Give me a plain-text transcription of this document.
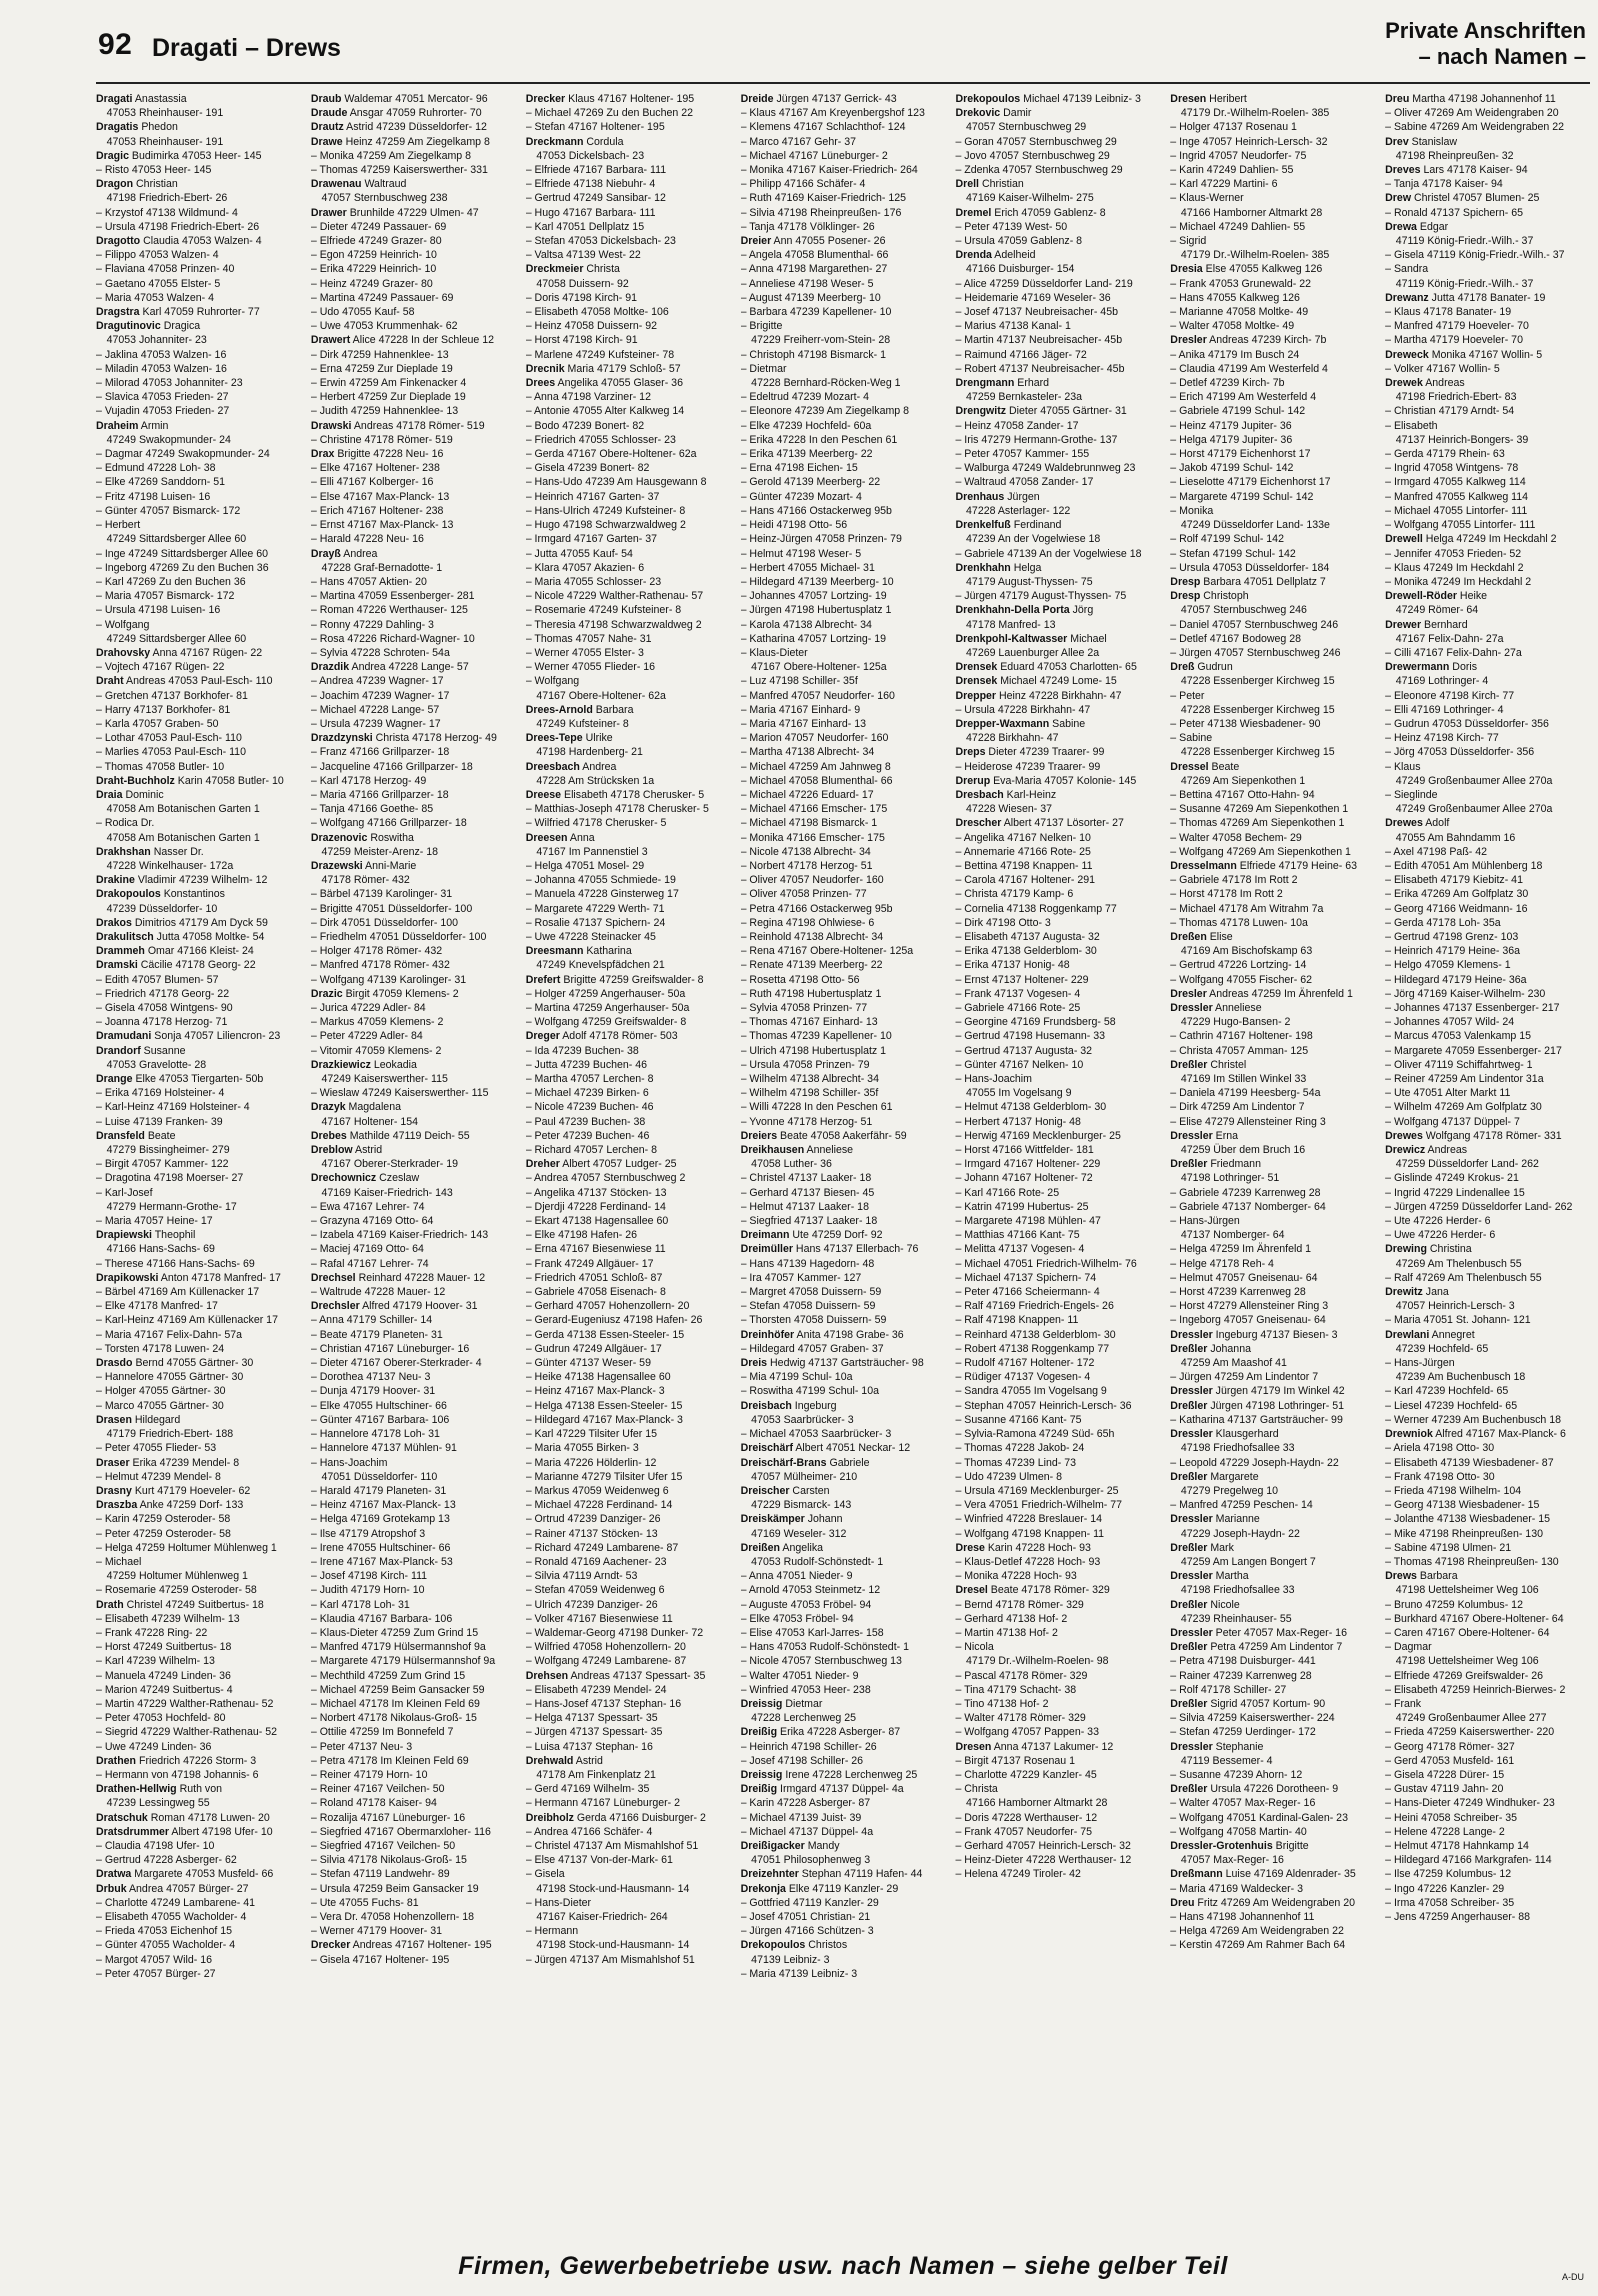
92 Dragati – Drews
Private Anschriften
– nach Namen –
Dragati Anastassia
 47053 Rheinhauser- 191
Dragatis Phedon
 47053 Rheinhauser- 191
Dragic Budimirka 47053 Heer- 145
– Risto 47053 Heer- 145
Dragon Christian
 47198 Friedrich-Ebert- 26
– Krzystof 47138 Wildmund- 4
– Ursula 47198 Friedrich-Ebert- 26
Dragotto Claudia 47053 Walzen- 4
– Filippo 47053 Walzen- 4
– Flaviana 47058 Prinzen- 40
– Gaetano 47055 Elster- 5
– Maria 47053 Walzen- 4
Dragstra Karl 47059 Ruhrorter- 77
Dragutinovic Dragica
 47053 Johanniter- 23
– Jaklina 47053 Walzen- 16
– Miladin 47053 Walzen- 16
– Milorad 47053 Johanniter- 23
– Slavica 47053 Frieden- 27
– Vujadin 47053 Frieden- 27
Draheim Armin
 47249 Swakopmunder- 24
– Dagmar 47249 Swakopmunder- 24
– Edmund 47228 Loh- 38
– Elke 47269 Sanddorn- 51
– Fritz 47198 Luisen- 16
– Günter 47057 Bismarck- 172
– Herbert
 47249 Sittardsberger Allee 60
– Inge 47249 Sittardsberger Allee 60
– Ingeborg 47269 Zu den Buchen 36
– Karl 47269 Zu den Buchen 36
– Maria 47057 Bismarck- 172
– Ursula 47198 Luisen- 16
– Wolfgang
 47249 Sittardsberger Allee 60
Drahovsky Anna 47167 Rügen- 22
– Vojtech 47167 Rügen- 22
Draht Andreas 47053 Paul-Esch- 110
– Gretchen 47137 Borkhofer- 81
– Harry 47137 Borkhofer- 81
– Karla 47057 Graben- 50
– Lothar 47053 Paul-Esch- 110
– Marlies 47053 Paul-Esch- 110
– Thomas 47058 Butler- 10
Draht-Buchholz Karin 47058 Butler- 10
Draia Dominic
 47058 Am Botanischen Garten 1
– Rodica Dr.
 47058 Am Botanischen Garten 1
Drakhshan Nasser Dr.
 47228 Winkelhauser- 172a
Drakine Vladimir 47239 Wilhelm- 12
Drakopoulos Konstantinos
 47239 Düsseldorfer- 10
Drakos Dimitrios 47179 Am Dyck 59
Drakulitsch Jutta 47058 Moltke- 54
Drammeh Omar 47166 Kleist- 24
Dramski Cäcilie 47178 Georg- 22
– Edith 47057 Blumen- 57
– Friedrich 47178 Georg- 22
– Gisela 47058 Wintgens- 90
– Joanna 47178 Herzog- 71
Dramudani Sonja 47057 Liliencron- 23
Drandorf Susanne
 47053 Gravelotte- 28
Drange Elke 47053 Tiergarten- 50b
– Erika 47169 Holsteiner- 4
– Karl-Heinz 47169 Holsteiner- 4
– Luise 47139 Franken- 39
Dransfeld Beate
 47279 Bissingheimer- 279
– Birgit 47057 Kammer- 122
– Dragotina 47198 Moerser- 27
– Karl-Josef
 47279 Hermann-Grothe- 17
– Maria 47057 Heine- 17
Drapiewski Theophil
 47166 Hans-Sachs- 69
– Therese 47166 Hans-Sachs- 69
Drapikowski Anton 47178 Manfred- 17
– Bärbel 47169 Am Küllenacker 17
– Elke 47178 Manfred- 17
– Karl-Heinz 47169 Am Küllenacker 17
– Maria 47167 Felix-Dahn- 57a
– Torsten 47178 Luwen- 24
Drasdo Bernd 47055 Gärtner- 30
– Hannelore 47055 Gärtner- 30
– Holger 47055 Gärtner- 30
– Marco 47055 Gärtner- 30
Drasen Hildegard
 47179 Friedrich-Ebert- 188
– Peter 47055 Flieder- 53
Draser Erika 47239 Mendel- 8
– Helmut 47239 Mendel- 8
Drasny Kurt 47179 Hoeveler- 62
Draszba Anke 47259 Dorf- 133
– Karin 47259 Osteroder- 58
– Peter 47259 Osteroder- 58
– Helga 47259 Holtumer Mühlenweg 1
– Michael
 47259 Holtumer Mühlenweg 1
– Rosemarie 47259 Osteroder- 58
Drath Christel 47249 Suitbertus- 18
– Elisabeth 47239 Wilhelm- 13
– Frank 47228 Ring- 22
– Horst 47249 Suitbertus- 18
– Karl 47239 Wilhelm- 13
– Manuela 47249 Linden- 36
– Marion 47249 Suitbertus- 4
– Martin 47229 Walther-Rathenau- 52
– Peter 47053 Hochfeld- 80
– Siegrid 47229 Walther-Rathenau- 52
– Uwe 47249 Linden- 36
Drathen Friedrich 47226 Storm- 3
– Hermann von 47198 Johannis- 6
Drathen-Hellwig Ruth von
 47239 Lessingweg 55
Dratschuk Roman 47178 Luwen- 20
Dratsdrummer Albert 47198 Ufer- 10
– Claudia 47198 Ufer- 10
– Gertrud 47228 Asberger- 62
Dratwa Margarete 47053 Musfeld- 66
Drbuk Andrea 47057 Bürger- 27
– Charlotte 47249 Lambarene- 41
– Elisabeth 47055 Wacholder- 4
– Frieda 47053 Eichenhof 15
– Günter 47055 Wacholder- 4
– Margot 47057 Wild- 16
– Peter 47057 Bürger- 27
Draub Waldemar 47051 Mercator- 96
Draude Ansgar 47059 Ruhrorter- 70
Drautz Astrid 47239 Düsseldorfer- 12
Drawe Heinz 47259 Am Ziegelkamp 8
– Monika 47259 Am Ziegelkamp 8
– Thomas 47259 Kaiserswerther- 331
Drawenau Waltraud
 47057 Sternbuschweg 238
Drawer Brunhilde 47229 Ulmen- 47
– Dieter 47249 Passauer- 69
– Elfriede 47249 Grazer- 80
– Egon 47259 Heinrich- 10
– Erika 47229 Heinrich- 10
– Heinz 47249 Grazer- 80
– Martina 47249 Passauer- 69
– Udo 47055 Kauf- 58
– Uwe 47053 Krummenhak- 62
Drawert Alice 47228 In der Schleue 12
– Dirk 47259 Hahnenklee- 13
– Erna 47259 Zur Dieplade 19
– Erwin 47259 Am Finkenacker 4
– Herbert 47259 Zur Dieplade 19
– Judith 47259 Hahnenklee- 13
Drawski Andreas 47178 Römer- 519
– Christine 47178 Römer- 519
Drax Brigitte 47228 Neu- 16
– Elke 47167 Holtener- 238
– Elli 47167 Kolberger- 16
– Else 47167 Max-Planck- 13
– Erich 47167 Holtener- 238
– Ernst 47167 Max-Planck- 13
– Harald 47228 Neu- 16
Drayß Andrea
 47228 Graf-Bernadotte- 1
– Hans 47057 Aktien- 20
– Martina 47059 Essenberger- 281
– Roman 47226 Werthauser- 125
– Ronny 47229 Dahling- 3
– Rosa 47226 Richard-Wagner- 10
– Sylvia 47228 Schroten- 54a
Drazdik Andrea 47228 Lange- 57
– Andrea 47239 Wagner- 17
– Joachim 47239 Wagner- 17
– Michael 47228 Lange- 57
– Ursula 47239 Wagner- 17
Drazdzynski Christa 47178 Herzog- 49
– Franz 47166 Grillparzer- 18
– Jacqueline 47166 Grillparzer- 18
– Karl 47178 Herzog- 49
– Maria 47166 Grillparzer- 18
– Tanja 47166 Goethe- 85
– Wolfgang 47166 Grillparzer- 18
Drazenovic Roswitha
 47259 Meister-Arenz- 18
Drazewski Anni-Marie
 47178 Römer- 432
– Bärbel 47139 Karolinger- 31
– Brigitte 47051 Düsseldorfer- 100
– Dirk 47051 Düsseldorfer- 100
– Friedhelm 47051 Düsseldorfer- 100
– Holger 47178 Römer- 432
– Manfred 47178 Römer- 432
– Wolfgang 47139 Karolinger- 31
Drazic Birgit 47059 Klemens- 2
– Jurica 47229 Adler- 84
– Markus 47059 Klemens- 2
– Peter 47229 Adler- 84
– Vitomir 47059 Klemens- 2
Drazkiewicz Leokadia
 47249 Kaiserswerther- 115
– Wieslaw 47249 Kaiserswerther- 115
Drazyk Magdalena
 47167 Holtener- 154
Drebes Mathilde 47119 Deich- 55
Dreblow Astrid
 47167 Oberer-Sterkrader- 19
Drechownicz Czeslaw
 47169 Kaiser-Friedrich- 143
– Ewa 47167 Lehrer- 74
– Grazyna 47169 Otto- 64
– Izabela 47169 Kaiser-Friedrich- 143
– Maciej 47169 Otto- 64
– Rafal 47167 Lehrer- 74
Drechsel Reinhard 47228 Mauer- 12
– Waltrude 47228 Mauer- 12
Drechsler Alfred 47179 Hoover- 31
– Anna 47179 Schiller- 14
– Beate 47179 Planeten- 31
– Christian 47167 Lüneburger- 16
– Dieter 47167 Oberer-Sterkrader- 4
– Dorothea 47137 Neu- 3
– Dunja 47179 Hoover- 31
– Elke 47055 Hultschiner- 66
– Günter 47167 Barbara- 106
– Hannelore 47178 Loh- 31
– Hannelore 47137 Mühlen- 91
– Hans-Joachim
 47051 Düsseldorfer- 110
– Harald 47179 Planeten- 31
– Heinz 47167 Max-Planck- 13
– Helga 47169 Grotekamp 13
– Ilse 47179 Atropshof 3
– Irene 47055 Hultschiner- 66
– Irene 47167 Max-Planck- 53
– Josef 47198 Kirch- 111
– Judith 47179 Horn- 10
– Karl 47178 Loh- 31
– Klaudia 47167 Barbara- 106
– Klaus-Dieter 47259 Zum Grind 15
– Manfred 47179 Hülsermannshof 9a
– Margarete 47179 Hülsermannshof 9a
– Mechthild 47259 Zum Grind 15
– Michael 47259 Beim Gansacker 59
– Michael 47178 Im Kleinen Feld 69
– Norbert 47178 Nikolaus-Groß- 15
– Ottilie 47259 Im Bonnefeld 7
– Peter 47137 Neu- 3
– Petra 47178 Im Kleinen Feld 69
– Reiner 47179 Horn- 10
– Reiner 47167 Veilchen- 50
– Roland 47178 Kaiser- 94
– Rozalija 47167 Lüneburger- 16
– Siegfried 47167 Obermarxloher- 116
– Siegfried 47167 Veilchen- 50
– Silvia 47178 Nikolaus-Groß- 15
– Stefan 47119 Landwehr- 89
– Ursula 47259 Beim Gansacker 19
– Ute 47055 Fuchs- 81
– Vera Dr. 47058 Hohenzollern- 18
– Werner 47179 Hoover- 31
Drecker Andreas 47167 Holtener- 195
– Gisela 47167 Holtener- 195
Drecker Klaus 47167 Holtener- 195
– Michael 47269 Zu den Buchen 22
– Stefan 47167 Holtener- 195
Dreckmann Cordula
 47053 Dickelsbach- 23
– Elfriede 47167 Barbara- 111
– Elfriede 47138 Niebuhr- 4
– Gertrud 47249 Sansibar- 12
– Hugo 47167 Barbara- 111
– Karl 47051 Dellplatz 15
– Stefan 47053 Dickelsbach- 23
– Valtsa 47139 West- 22
Dreckmeier Christa
 47058 Duissern- 92
– Doris 47198 Kirch- 91
– Elisabeth 47058 Moltke- 106
– Heinz 47058 Duissern- 92
– Horst 47198 Kirch- 91
– Marlene 47249 Kufsteiner- 78
Drecnik Maria 47179 Schloß- 57
Drees Angelika 47055 Glaser- 36
– Anna 47198 Varziner- 12
– Antonie 47055 Alter Kalkweg 14
– Bodo 47239 Bonert- 82
– Friedrich 47055 Schlosser- 23
– Gerda 47167 Obere-Holtener- 62a
– Gisela 47239 Bonert- 82
– Hans-Udo 47239 Am Hausgewann 8
– Heinrich 47167 Garten- 37
– Hans-Ulrich 47249 Kufsteiner- 8
– Hugo 47198 Schwarzwaldweg 2
– Irmgard 47167 Garten- 37
– Jutta 47055 Kauf- 54
– Klara 47057 Akazien- 6
– Maria 47055 Schlosser- 23
– Nicole 47229 Walther-Rathenau- 57
– Rosemarie 47249 Kufsteiner- 8
– Theresia 47198 Schwarzwaldweg 2
– Thomas 47057 Nahe- 31
– Werner 47055 Elster- 3
– Werner 47055 Flieder- 16
– Wolfgang
 47167 Obere-Holtener- 62a
Drees-Arnold Barbara
 47249 Kufsteiner- 8
Drees-Tepe Ulrike
 47198 Hardenberg- 21
Dreesbach Andrea
 47228 Am Strücksken 1a
Dreese Elisabeth 47178 Cherusker- 5
– Matthias-Joseph 47178 Cherusker- 5
– Wilfried 47178 Cherusker- 5
Dreesen Anna
 47167 Im Pannenstiel 3
– Helga 47051 Mosel- 29
– Johanna 47055 Schmiede- 19
– Manuela 47228 Ginsterweg 17
– Margarete 47229 Werth- 71
– Rosalie 47137 Spichern- 24
– Uwe 47228 Steinacker 45
Dreesmann Katharina
 47249 Knevelspfädchen 21
Drefert Brigitte 47259 Greifswalder- 8
– Holger 47259 Angerhauser- 50a
– Martina 47259 Angerhauser- 50a
– Wolfgang 47259 Greifswalder- 8
Dreger Adolf 47178 Römer- 503
– Ida 47239 Buchen- 38
– Jutta 47239 Buchen- 46
– Martha 47057 Lerchen- 8
– Michael 47239 Birken- 6
– Nicole 47239 Buchen- 46
– Paul 47239 Buchen- 38
– Peter 47239 Buchen- 46
– Richard 47057 Lerchen- 8
Dreher Albert 47057 Ludger- 25
– Andrea 47057 Sternbuschweg 2
– Angelika 47137 Stöcken- 13
– Djerdji 47228 Ferdinand- 14
– Ekart 47138 Hagensallee 60
– Elke 47198 Hafen- 26
– Erna 47167 Biesenwiese 11
– Frank 47249 Allgäuer- 17
– Friedrich 47051 Schloß- 87
– Gabriele 47058 Eisenach- 8
– Gerhard 47057 Hohenzollern- 20
– Gerard-Eugeniusz 47198 Hafen- 26
– Gerda 47138 Essen-Steeler- 15
– Gudrun 47249 Allgäuer- 17
– Günter 47137 Weser- 59
– Heike 47138 Hagensallee 60
– Heinz 47167 Max-Planck- 3
– Helga 47138 Essen-Steeler- 15
– Hildegard 47167 Max-Planck- 3
– Karl 47229 Tilsiter Ufer 15
– Maria 47055 Birken- 3
– Maria 47226 Hölderlin- 12
– Marianne 47279 Tilsiter Ufer 15
– Markus 47059 Weidenweg 6
– Michael 47228 Ferdinand- 14
– Ortrud 47239 Danziger- 26
– Rainer 47137 Stöcken- 13
– Richard 47249 Lambarene- 87
– Ronald 47169 Aachener- 23
– Silvia 47119 Arndt- 53
– Stefan 47059 Weidenweg 6
– Ulrich 47239 Danziger- 26
– Volker 47167 Biesenwiese 11
– Waldemar-Georg 47198 Dunker- 72
– Wilfried 47058 Hohenzollern- 20
– Wolfgang 47249 Lambarene- 87
Drehsen Andreas 47137 Spessart- 35
– Elisabeth 47239 Mendel- 24
– Hans-Josef 47137 Stephan- 16
– Helga 47137 Spessart- 35
– Jürgen 47137 Spessart- 35
– Luisa 47137 Stephan- 16
Drehwald Astrid
 47178 Am Finkenplatz 21
– Gerd 47169 Wilhelm- 35
– Hermann 47167 Lüneburger- 2
Dreibholz Gerda 47166 Duisburger- 2
– Andrea 47166 Schäfer- 4
– Christel 47137 Am Mismahlshof 51
– Else 47137 Von-der-Mark- 61
– Gisela
 47198 Stock-und-Hausmann- 14
– Hans-Dieter
 47167 Kaiser-Friedrich- 264
– Hermann
 47198 Stock-und-Hausmann- 14
– Jürgen 47137 Am Mismahlshof 51
Dreide Jürgen 47137 Gerrick- 43
– Klaus 47167 Am Kreyenbergshof 123
– Klemens 47167 Schlachthof- 124
– Marco 47167 Gehr- 37
– Michael 47167 Lüneburger- 2
– Monika 47167 Kaiser-Friedrich- 264
– Philipp 47166 Schäfer- 4
– Ruth 47169 Kaiser-Friedrich- 125
– Silvia 47198 Rheinpreußen- 176
– Tanja 47178 Völklinger- 26
Dreier Ann 47055 Posener- 26
– Angela 47058 Blumenthal- 66
– Anna 47198 Margarethen- 27
– Anneliese 47198 Weser- 5
– August 47139 Meerberg- 10
– Barbara 47239 Kapellener- 10
– Brigitte
 47229 Freiherr-vom-Stein- 28
– Christoph 47198 Bismarck- 1
– Dietmar
 47228 Bernhard-Röcken-Weg 1
– Edeltrud 47239 Mozart- 4
– Eleonore 47239 Am Ziegelkamp 8
– Elke 47239 Hochfeld- 60a
– Erika 47228 In den Peschen 61
– Erika 47139 Meerberg- 22
– Erna 47198 Eichen- 15
– Gerold 47139 Meerberg- 22
– Günter 47239 Mozart- 4
– Hans 47166 Ostackerweg 95b
– Heidi 47198 Otto- 56
– Heinz-Jürgen 47058 Prinzen- 79
– Helmut 47198 Weser- 5
– Herbert 47055 Michael- 31
– Hildegard 47139 Meerberg- 10
– Johannes 47057 Lortzing- 19
– Jürgen 47198 Hubertusplatz 1
– Karola 47138 Albrecht- 34
– Katharina 47057 Lortzing- 19
– Klaus-Dieter
 47167 Obere-Holtener- 125a
– Luz 47198 Schiller- 35f
– Manfred 47057 Neudorfer- 160
– Maria 47167 Einhard- 9
– Maria 47167 Einhard- 13
– Marion 47057 Neudorfer- 160
– Martha 47138 Albrecht- 34
– Michael 47259 Am Jahnweg 8
– Michael 47058 Blumenthal- 66
– Michael 47226 Eduard- 17
– Michael 47166 Emscher- 175
– Michael 47198 Bismarck- 1
– Monika 47166 Emscher- 175
– Nicole 47138 Albrecht- 34
– Norbert 47178 Herzog- 51
– Oliver 47057 Neudorfer- 160
– Oliver 47058 Prinzen- 77
– Petra 47166 Ostackerweg 95b
– Regina 47198 Ohlwiese- 6
– Reinhold 47138 Albrecht- 34
– Rena 47167 Obere-Holtener- 125a
– Renate 47139 Meerberg- 22
– Rosetta 47198 Otto- 56
– Ruth 47198 Hubertusplatz 1
– Sylvia 47058 Prinzen- 77
– Thomas 47167 Einhard- 13
– Thomas 47239 Kapellener- 10
– Ulrich 47198 Hubertusplatz 1
– Ursula 47058 Prinzen- 79
– Wilhelm 47138 Albrecht- 34
– Wilhelm 47198 Schiller- 35f
– Willi 47228 In den Peschen 61
– Yvonne 47178 Herzog- 51
Dreiers Beate 47058 Aakerfähr- 59
Dreikhausen Anneliese
 47058 Luther- 36
– Christel 47137 Laaker- 18
– Gerhard 47137 Biesen- 45
– Helmut 47137 Laaker- 18
– Siegfried 47137 Laaker- 18
Dreimann Ute 47259 Dorf- 92
Dreimüller Hans 47137 Ellerbach- 76
– Hans 47139 Hagedorn- 48
– Ira 47057 Kammer- 127
– Margret 47058 Duissern- 59
– Stefan 47058 Duissern- 59
– Thorsten 47058 Duissern- 59
Dreinhöfer Anita 47198 Grabe- 36
– Hildegard 47057 Graben- 37
Dreis Hedwig 47137 Gartsträucher- 98
– Mia 47199 Schul- 10a
– Roswitha 47199 Schul- 10a
Dreisbach Ingeburg
 47053 Saarbrücker- 3
– Michael 47053 Saarbrücker- 3
Dreischärf Albert 47051 Neckar- 12
Dreischärf-Brans Gabriele
 47057 Mülheimer- 210
Dreischer Carsten
 47229 Bismarck- 143
Dreiskämper Johann
 47169 Weseler- 312
Dreißen Angelika
 47053 Rudolf-Schönstedt- 1
– Anna 47051 Nieder- 9
– Arnold 47053 Steinmetz- 12
– Auguste 47053 Fröbel- 94
– Elke 47053 Fröbel- 94
– Elise 47053 Karl-Jarres- 158
– Hans 47053 Rudolf-Schönstedt- 1
– Nicole 47057 Sternbuschweg 13
– Walter 47051 Nieder- 9
– Winfried 47053 Heer- 238
Dreissig Dietmar
 47228 Lerchenweg 25
Dreißig Erika 47228 Asberger- 87
– Heinrich 47198 Schiller- 26
– Josef 47198 Schiller- 26
Dreissig Irene 47228 Lerchenweg 25
Dreißig Irmgard 47137 Düppel- 4a
– Karin 47228 Asberger- 87
– Michael 47139 Juist- 39
– Michael 47137 Düppel- 4a
Dreißigacker Mandy
 47051 Philosophenweg 3
Dreizehnter Stephan 47119 Hafen- 44
Drekonja Elke 47119 Kanzler- 29
– Gottfried 47119 Kanzler- 29
– Josef 47051 Christian- 21
– Jürgen 47166 Schützen- 3
Drekopoulos Christos
 47139 Leibniz- 3
– Maria 47139 Leibniz- 3
Drekopoulos Michael 47139 Leibniz- 3
Drekovic Damir
 47057 Sternbuschweg 29
– Goran 47057 Sternbuschweg 29
– Jovo 47057 Sternbuschweg 29
– Zdenka 47057 Sternbuschweg 29
Drell Christian
 47169 Kaiser-Wilhelm- 275
Dremel Erich 47059 Gablenz- 8
– Peter 47139 West- 50
– Ursula 47059 Gablenz- 8
Drenda Adelheid
 47166 Duisburger- 154
– Alice 47259 Düsseldorfer Land- 219
– Heidemarie 47169 Weseler- 36
– Josef 47137 Neubreisacher- 45b
– Marius 47138 Kanal- 1
– Martin 47137 Neubreisacher- 45b
– Raimund 47166 Jäger- 72
– Robert 47137 Neubreisacher- 45b
Drengmann Erhard
 47259 Bernkasteler- 23a
Drengwitz Dieter 47055 Gärtner- 31
– Heinz 47058 Zander- 17
– Iris 47279 Hermann-Grothe- 137
– Peter 47057 Kammer- 155
– Walburga 47249 Waldebrunnweg 23
– Waltraud 47058 Zander- 17
Drenhaus Jürgen
 47228 Asterlager- 122
Drenkelfuß Ferdinand
 47239 An der Vogelwiese 18
– Gabriele 47139 An der Vogelwiese 18
Drenkhahn Helga
 47179 August-Thyssen- 75
– Jürgen 47179 August-Thyssen- 75
Drenkhahn-Della Porta Jörg
 47178 Manfred- 13
Drenkpohl-Kaltwasser Michael
 47269 Lauenburger Allee 2a
Drensek Eduard 47053 Charlotten- 65
Drensek Michael 47249 Lome- 15
Drepper Heinz 47228 Birkhahn- 47
– Ursula 47228 Birkhahn- 47
Drepper-Waxmann Sabine
 47228 Birkhahn- 47
Dreps Dieter 47239 Traarer- 99
– Heiderose 47239 Traarer- 99
Drerup Eva-Maria 47057 Kolonie- 145
Dresbach Karl-Heinz
 47228 Wiesen- 37
Drescher Albert 47137 Lösorter- 27
– Angelika 47167 Nelken- 10
– Annemarie 47166 Rote- 25
– Bettina 47198 Knappen- 11
– Carola 47167 Holtener- 291
– Christa 47179 Kamp- 6
– Cornelia 47138 Roggenkamp 77
– Dirk 47198 Otto- 3
– Elisabeth 47137 Augusta- 32
– Erika 47138 Gelderblom- 30
– Erika 47137 Honig- 48
– Ernst 47137 Holtener- 229
– Frank 47137 Vogesen- 4
– Gabriele 47166 Rote- 25
– Georgine 47169 Frundsberg- 58
– Gertrud 47198 Husemann- 33
– Gertrud 47137 Augusta- 32
– Günter 47167 Nelken- 10
– Hans-Joachim
 47055 Im Vogelsang 9
– Helmut 47138 Gelderblom- 30
– Herbert 47137 Honig- 48
– Herwig 47169 Mecklenburger- 25
– Horst 47166 Wittfelder- 181
– Irmgard 47167 Holtener- 229
– Johann 47167 Holtener- 72
– Karl 47166 Rote- 25
– Katrin 47199 Hubertus- 25
– Margarete 47198 Mühlen- 47
– Matthias 47166 Kant- 75
– Melitta 47137 Vogesen- 4
– Michael 47051 Friedrich-Wilhelm- 76
– Michael 47137 Spichern- 74
– Peter 47166 Scheiermann- 4
– Ralf 47169 Friedrich-Engels- 26
– Ralf 47198 Knappen- 11
– Reinhard 47138 Gelderblom- 30
– Robert 47138 Roggenkamp 77
– Rudolf 47167 Holtener- 172
– Rüdiger 47137 Vogesen- 4
– Sandra 47055 Im Vogelsang 9
– Stephan 47057 Heinrich-Lersch- 36
– Susanne 47166 Kant- 75
– Sylvia-Ramona 47249 Süd- 65h
– Thomas 47228 Jakob- 24
– Thomas 47239 Lind- 73
– Udo 47239 Ulmen- 8
– Ursula 47169 Mecklenburger- 25
– Vera 47051 Friedrich-Wilhelm- 77
– Winfried 47228 Breslauer- 14
– Wolfgang 47198 Knappen- 11
Drese Karin 47228 Hoch- 93
– Klaus-Detlef 47228 Hoch- 93
– Monika 47228 Hoch- 93
Dresel Beate 47178 Römer- 329
– Bernd 47178 Römer- 329
– Gerhard 47138 Hof- 2
– Martin 47138 Hof- 2
– Nicola
 47179 Dr.-Wilhelm-Roelen- 98
– Pascal 47178 Römer- 329
– Tina 47179 Schacht- 38
– Tino 47138 Hof- 2
– Walter 47178 Römer- 329
– Wolfgang 47057 Pappen- 33
Dresen Anna 47137 Lakumer- 12
– Birgit 47137 Rosenau 1
– Charlotte 47229 Kanzler- 45
– Christa
 47166 Hamborner Altmarkt 28
– Doris 47228 Werthauser- 12
– Frank 47057 Neudorfer- 75
– Gerhard 47057 Heinrich-Lersch- 32
– Heinz-Dieter 47228 Werthauser- 12
– Helena 47249 Tiroler- 42
Dresen Heribert
 47179 Dr.-Wilhelm-Roelen- 385
– Holger 47137 Rosenau 1
– Inge 47057 Heinrich-Lersch- 32
– Ingrid 47057 Neudorfer- 75
– Karin 47249 Dahlien- 55
– Karl 47229 Martini- 6
– Klaus-Werner
 47166 Hamborner Altmarkt 28
– Michael 47249 Dahlien- 55
– Sigrid
 47179 Dr.-Wilhelm-Roelen- 385
Dresia Else 47055 Kalkweg 126
– Frank 47053 Grunewald- 22
– Hans 47055 Kalkweg 126
– Marianne 47058 Moltke- 49
– Walter 47058 Moltke- 49
Dresler Andreas 47239 Kirch- 7b
– Anika 47179 Im Busch 24
– Claudia 47199 Am Westerfeld 4
– Detlef 47239 Kirch- 7b
– Erich 47199 Am Westerfeld 4
– Gabriele 47199 Schul- 142
– Heinz 47179 Jupiter- 36
– Helga 47179 Jupiter- 36
– Horst 47179 Eichenhorst 17
– Jakob 47199 Schul- 142
– Lieselotte 47179 Eichenhorst 17
– Margarete 47199 Schul- 142
– Monika
 47249 Düsseldorfer Land- 133e
– Rolf 47199 Schul- 142
– Stefan 47199 Schul- 142
– Ursula 47053 Düsseldorfer- 184
Dresp Barbara 47051 Dellplatz 7
Dresp Christoph
 47057 Sternbuschweg 246
– Daniel 47057 Sternbuschweg 246
– Detlef 47167 Bodoweg 28
– Jürgen 47057 Sternbuschweg 246
Dreß Gudrun
 47228 Essenberger Kirchweg 15
– Peter
 47228 Essenberger Kirchweg 15
– Peter 47138 Wiesbadener- 90
– Sabine
 47228 Essenberger Kirchweg 15
Dressel Beate
 47269 Am Siepenkothen 1
– Bettina 47167 Otto-Hahn- 94
– Susanne 47269 Am Siepenkothen 1
– Thomas 47269 Am Siepenkothen 1
– Walter 47058 Bechem- 29
– Wolfgang 47269 Am Siepenkothen 1
Dresselmann Elfriede 47179 Heine- 63
– Gabriele 47178 Im Rott 2
– Horst 47178 Im Rott 2
– Michael 47178 Am Witrahm 7a
– Thomas 47178 Luwen- 10a
Dreßen Elise
 47169 Am Bischofskamp 63
– Gertrud 47226 Lortzing- 14
– Wolfgang 47055 Fischer- 62
Dresler Andreas 47259 Im Ährenfeld 1
Dressler Anneliese
 47229 Hugo-Bansen- 2
– Cathrin 47167 Holtener- 198
– Christa 47057 Amman- 125
Dreßler Christel
 47169 Im Stillen Winkel 33
– Daniela 47199 Heesberg- 54a
– Dirk 47259 Am Lindentor 7
– Elise 47279 Allensteiner Ring 3
Dressler Erna
 47259 Über dem Bruch 16
Dreßler Friedmann
 47198 Lothringer- 51
– Gabriele 47239 Karrenweg 28
– Gabriele 47137 Nomberger- 64
– Hans-Jürgen
 47137 Nomberger- 64
– Helga 47259 Im Ährenfeld 1
– Helge 47178 Reh- 4
– Helmut 47057 Gneisenau- 64
– Horst 47239 Karrenweg 28
– Horst 47279 Allensteiner Ring 3
– Ingeborg 47057 Gneisenau- 64
Dressler Ingeburg 47137 Biesen- 3
Dreßler Johanna
 47259 Am Maashof 41
– Jürgen 47259 Am Lindentor 7
Dressler Jürgen 47179 Im Winkel 42
Dreßler Jürgen 47198 Lothringer- 51
– Katharina 47137 Gartsträucher- 99
Dressler Klausgerhard
 47198 Friedhofsallee 33
– Leopold 47229 Joseph-Haydn- 22
Dreßler Margarete
 47279 Pregelweg 10
– Manfred 47259 Peschen- 14
Dressler Marianne
 47229 Joseph-Haydn- 22
Dreßler Mark
 47259 Am Langen Bongert 7
Dressler Martha
 47198 Friedhofsallee 33
Dreßler Nicole
 47239 Rheinhauser- 55
Dressler Peter 47057 Max-Reger- 16
Dreßler Petra 47259 Am Lindentor 7
– Petra 47198 Duisburger- 441
– Rainer 47239 Karrenweg 28
– Rolf 47178 Schiller- 27
Dreßler Sigrid 47057 Kortum- 90
– Silvia 47259 Kaiserswerther- 224
– Stefan 47259 Uerdinger- 172
Dressler Stephanie
 47119 Bessemer- 4
– Susanne 47239 Ahorn- 12
Dreßler Ursula 47226 Dorotheen- 9
– Walter 47057 Max-Reger- 16
– Wolfgang 47051 Kardinal-Galen- 23
– Wolfgang 47058 Martin- 40
Dressler-Grotenhuis Brigitte
 47057 Max-Reger- 16
Dreßmann Luise 47169 Aldenrader- 35
– Maria 47169 Waldecker- 3
Dreu Fritz 47269 Am Weidengraben 20
– Hans 47198 Johannenhof 11
– Helga 47269 Am Weidengraben 22
– Kerstin 47269 Am Rahmer Bach 64
Dreu Martha 47198 Johannenhof 11
– Oliver 47269 Am Weidengraben 20
– Sabine 47269 Am Weidengraben 22
Drev Stanislaw
 47198 Rheinpreußen- 32
Dreves Lars 47178 Kaiser- 94
– Tanja 47178 Kaiser- 94
Drew Christel 47057 Blumen- 25
– Ronald 47137 Spichern- 65
Drewa Edgar
 47119 König-Friedr.-Wilh.- 37
– Gisela 47119 König-Friedr.-Wilh.- 37
– Sandra
 47119 König-Friedr.-Wilh.- 37
Drewanz Jutta 47178 Banater- 19
– Klaus 47178 Banater- 19
– Manfred 47179 Hoeveler- 70
– Martha 47179 Hoeveler- 70
Dreweck Monika 47167 Wollin- 5
– Volker 47167 Wollin- 5
Drewek Andreas
 47198 Friedrich-Ebert- 83
– Christian 47179 Arndt- 54
– Elisabeth
 47137 Heinrich-Bongers- 39
– Gerda 47179 Rhein- 63
– Ingrid 47058 Wintgens- 78
– Irmgard 47055 Kalkweg 114
– Manfred 47055 Kalkweg 114
– Michael 47055 Lintorfer- 111
– Wolfgang 47055 Lintorfer- 111
Drewell Helga 47249 Im Heckdahl 2
– Jennifer 47053 Frieden- 52
– Klaus 47249 Im Heckdahl 2
– Monika 47249 Im Heckdahl 2
Drewell-Röder Heike
 47249 Römer- 64
Drewer Bernhard
 47167 Felix-Dahn- 27a
– Cilli 47167 Felix-Dahn- 27a
Drewermann Doris
 47169 Lothringer- 4
– Eleonore 47198 Kirch- 77
– Elli 47169 Lothringer- 4
– Gudrun 47053 Düsseldorfer- 356
– Heinz 47198 Kirch- 77
– Jörg 47053 Düsseldorfer- 356
– Klaus
 47249 Großenbaumer Allee 270a
– Sieglinde
 47249 Großenbaumer Allee 270a
Drewes Adolf
 47055 Am Bahndamm 16
– Axel 47198 Paß- 42
– Edith 47051 Am Mühlenberg 18
– Elisabeth 47179 Kiebitz- 41
– Erika 47269 Am Golfplatz 30
– Georg 47166 Weidmann- 16
– Gerda 47178 Loh- 35a
– Gertrud 47198 Grenz- 103
– Heinrich 47179 Heine- 36a
– Helgo 47059 Klemens- 1
– Hildegard 47179 Heine- 36a
– Jörg 47169 Kaiser-Wilhelm- 230
– Johannes 47137 Essenberger- 217
– Johannes 47057 Wild- 24
– Marcus 47053 Valenkamp 15
– Margarete 47059 Essenberger- 217
– Oliver 47119 Schiffahrtweg- 1
– Reiner 47259 Am Lindentor 31a
– Ute 47051 Alter Markt 11
– Wilhelm 47269 Am Golfplatz 30
– Wolfgang 47137 Düppel- 7
Drewes Wolfgang 47178 Römer- 331
Drewicz Andreas
 47259 Düsseldorfer Land- 262
– Gislinde 47249 Krokus- 21
– Ingrid 47229 Lindenallee 15
– Jürgen 47259 Düsseldorfer Land- 262
– Ute 47226 Herder- 6
– Uwe 47226 Herder- 6
Drewing Christina
 47269 Am Thelenbusch 55
– Ralf 47269 Am Thelenbusch 55
Drewitz Jana
 47057 Heinrich-Lersch- 3
– Maria 47051 St. Johann- 121
Drewlani Annegret
 47239 Hochfeld- 65
– Hans-Jürgen
 47239 Am Buchenbusch 18
– Karl 47239 Hochfeld- 65
– Liesel 47239 Hochfeld- 65
– Werner 47239 Am Buchenbusch 18
Drewniok Alfred 47167 Max-Planck- 6
– Ariela 47198 Otto- 30
– Elisabeth 47139 Wiesbadener- 87
– Frank 47198 Otto- 30
– Frieda 47198 Wilhelm- 104
– Georg 47138 Wiesbadener- 15
– Jolanthe 47138 Wiesbadener- 15
– Mike 47198 Rheinpreußen- 130
– Sabine 47198 Ulmen- 21
– Thomas 47198 Rheinpreußen- 130
Drews Barbara
 47198 Uettelsheimer Weg 106
– Bruno 47259 Kolumbus- 12
– Burkhard 47167 Obere-Holtener- 64
– Caren 47167 Obere-Holtener- 64
– Dagmar
 47198 Uettelsheimer Weg 106
– Elfriede 47269 Greifswalder- 26
– Elisabeth 47259 Heinrich-Bierwes- 2
– Frank
 47249 Großenbaumer Allee 277
– Frieda 47259 Kaiserswerther- 220
– Georg 47178 Römer- 327
– Gerd 47053 Musfeld- 161
– Gisela 47228 Dürer- 15
– Gustav 47119 Jahn- 20
– Hans-Dieter 47249 Windhuker- 23
– Heini 47058 Schreiber- 35
– Helene 47228 Lange- 2
– Helmut 47178 Hahnkamp 14
– Hildegard 47166 Markgrafen- 114
– Ilse 47259 Kolumbus- 12
– Ingo 47226 Kanzler- 29
– Irma 47058 Schreiber- 35
– Jens 47259 Angerhauser- 88
Firmen, Gewerbebetriebe usw. nach Namen – siehe gelber Teil	A-DU
